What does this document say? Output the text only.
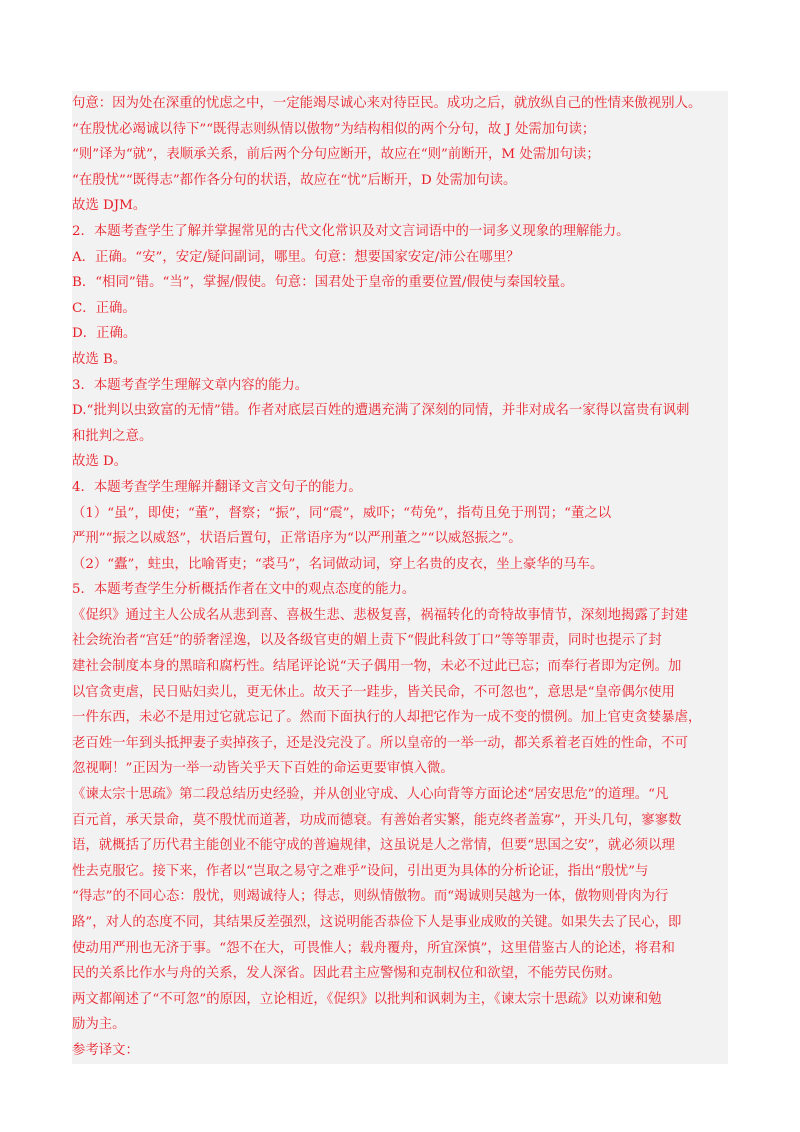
句意：因为处在深重的忧虑之中，一定能竭尽诚心来对待臣民。成功之后，就放纵自己的性情来傲视别人。
“在殷忧必竭诚以待下”“既得志则纵情以傲物”为结构相似的两个分句，故 J 处需加句读；
“则”译为“就”，表顺承关系，前后两个分句应断开，故应在“则”前断开，M 处需加句读；
“在殷忧”“既得志”都作各分句的状语，故应在“忧”后断开，D 处需加句读。
故选 DJM。
2．本题考查学生了解并掌握常见的古代文化常识及对文言词语中的一词多义现象的理解能力。
A．正确。“安”，安定/疑问副词，哪里。句意：想要国家安定/沛公在哪里？
B．“相同”错。“当”，掌握/假使。句意：国君处于皇帝的重要位置/假使与秦国较量。
C．正确。
D．正确。
故选 B。
3．本题考查学生理解文章内容的能力。
D.“批判以虫致富的无情”错。作者对底层百姓的遭遇充满了深刻的同情，并非对成名一家得以富贵有讽刺
和批判之意。
故选 D。
4．本题考查学生理解并翻译文言文句子的能力。
（1）“虽”，即使；“董”，督察；“振”，同“震”，威吓；“苟免”，指苟且免于刑罚；“董之以
严刑”“振之以威怒”，状语后置句，正常语序为“以严刑董之”“以威怒振之”。
（2）“蠹”，蛀虫，比喻胥吏；“裘马”，名词做动词，穿上名贵的皮衣，坐上豪华的马车。
5．本题考查学生分析概括作者在文中的观点态度的能力。
《促织》通过主人公成名从悲到喜、喜极生悲、悲极复喜，祸福转化的奇特故事情节，深刻地揭露了封建
社会统治者“宫廷”的骄奢淫逸，以及各级官吏的媚上责下“假此科敛丁口”等等罪责，同时也提示了封
建社会制度本身的黑暗和腐朽性。结尾评论说“天子偶用一物，未必不过此已忘；而奉行者即为定例。加
以官贪吏虐，民日贴妇卖儿，更无休止。故天子一跬步，皆关民命，不可忽也”，意思是“皇帝偶尔使用
一件东西，未必不是用过它就忘记了。然而下面执行的人却把它作为一成不变的惯例。加上官吏贪婪暴虐，
老百姓一年到头抵押妻子卖掉孩子，还是没完没了。所以皇帝的一举一动，都关系着老百姓的性命，不可
忽视啊！”正因为一举一动皆关乎天下百姓的命运更要审慎入微。
《谏太宗十思疏》第二段总结历史经验，并从创业守成、人心向背等方面论述“居安思危”的道理。“凡
百元首，承天景命，莫不殷忧而道著，功成而德衰。有善始者实繁，能克终者盖寡”，开头几句，寥寥数
语，就概括了历代君主能创业不能守成的普遍规律，这虽说是人之常情，但要“思国之安”，就必须以理
性去克服它。接下来，作者以“岂取之易守之难乎”设问，引出更为具体的分析论证，指出“殷忧”与
“得志”的不同心态：殷忧，则竭诚待人；得志，则纵情傲物。而“竭诚则吴越为一体，傲物则骨肉为行
路”，对人的态度不同，其结果反差强烈，这说明能否恭俭下人是事业成败的关键。如果失去了民心，即
使动用严刑也无济于事。“怨不在大，可畏惟人；载舟覆舟，所宜深慎”，这里借鉴古人的论述，将君和
民的关系比作水与舟的关系，发人深省。因此君主应警惕和克制权位和欲望，不能劳民伤财。
两文都阐述了“不可忽”的原因，立论相近，《促织》以批判和讽刺为主，《谏太宗十思疏》以劝谏和勉
励为主。
参考译文：
